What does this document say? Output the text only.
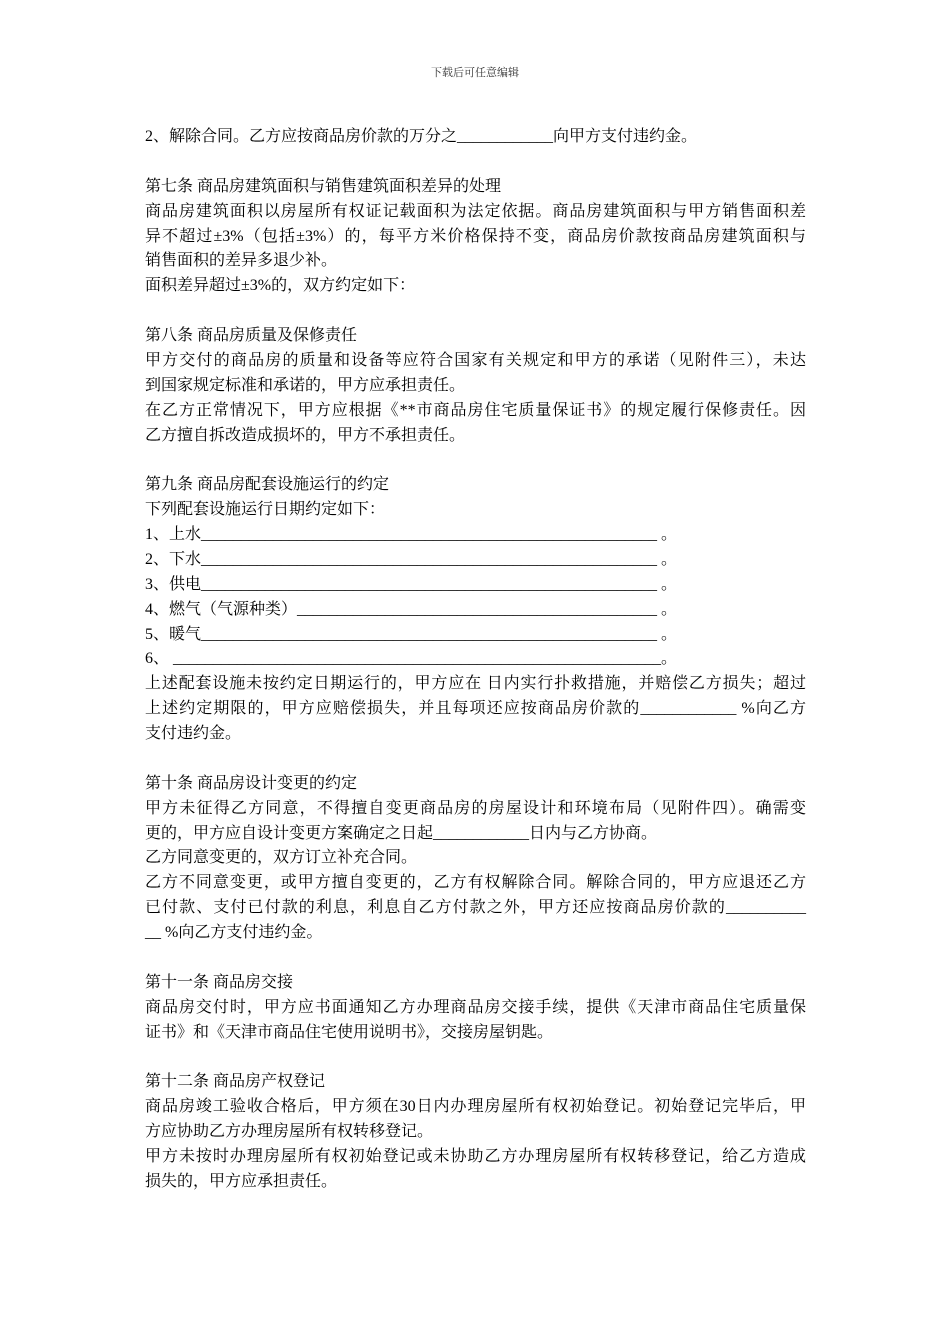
下载后可任意编辑
2、解除合同。乙方应按商品房价款的万分之____________向甲方支付违约金。
第七条 商品房建筑面积与销售建筑面积差异的处理
商品房建筑面积以房屋所有权证记载面积为法定依据。商品房建筑面积与甲方销售面积差
异不超过±3%（包括±3%）的，每平方米价格保持不变，商品房价款按商品房建筑面积与
销售面积的差异多退少补。
面积差异超过±3%的，双方约定如下：
第八条 商品房质量及保修责任
甲方交付的商品房的质量和设备等应符合国家有关规定和甲方的承诺（见附件三），未达
到国家规定标准和承诺的，甲方应承担责任。
在乙方正常情况下，甲方应根据《**市商品房住宅质量保证书》的规定履行保修责任。因
乙方擅自拆改造成损坏的，甲方不承担责任。
第九条 商品房配套设施运行的约定
下列配套设施运行日期约定如下：
1、上水_________________________________________________________ 。
2、下水_________________________________________________________ 。
3、供电_________________________________________________________ 。
4、燃气（气源种类）_____________________________________________ 。
5、暖气_________________________________________________________ 。
6、 _____________________________________________________________。
上述配套设施未按约定日期运行的，甲方应在 日内实行扑救措施，并赔偿乙方损失；超过
上述约定期限的，甲方应赔偿损失，并且每项还应按商品房价款的____________ %向乙方
支付违约金。
第十条 商品房设计变更的约定
甲方未征得乙方同意，不得擅自变更商品房的房屋设计和环境布局（见附件四）。确需变
更的，甲方应自设计变更方案确定之日起____________日内与乙方协商。
乙方同意变更的，双方订立补充合同。
乙方不同意变更，或甲方擅自变更的，乙方有权解除合同。解除合同的，甲方应退还乙方
已付款、支付已付款的利息，利息自乙方付款之外，甲方还应按商品房价款的__________
__ %向乙方支付违约金。
第十一条 商品房交接
商品房交付时，甲方应书面通知乙方办理商品房交接手续，提供《天津市商品住宅质量保
证书》和《天津市商品住宅使用说明书》，交接房屋钥匙。
第十二条 商品房产权登记
商品房竣工验收合格后，甲方须在30日内办理房屋所有权初始登记。初始登记完毕后，甲
方应协助乙方办理房屋所有权转移登记。
甲方未按时办理房屋所有权初始登记或未协助乙方办理房屋所有权转移登记，给乙方造成
损失的，甲方应承担责任。
